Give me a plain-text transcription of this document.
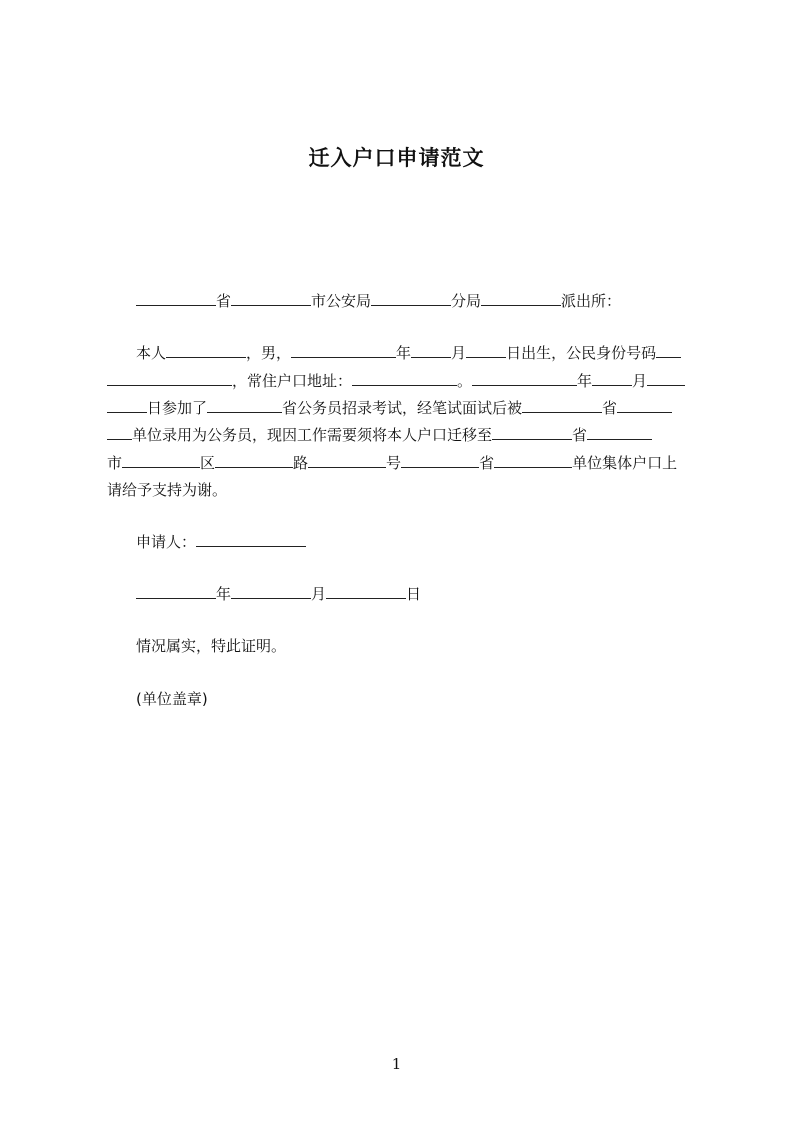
迁入户口申请范文
省	市公安局	分局	派出所：
本人	，男，	年	月	日出生，公民身份号码
，常住户口地址：	。	年	月
日参加了	省公务员招录考试，经笔试面试后被	省
单位录用为公务员，现因工作需要须将本人户口迁移至	省
市	区	路	号	省	单位集体户口上
请给予支持为谢。
申请人：
年	月	日
情况属实，特此证明。
(单位盖章)
1
